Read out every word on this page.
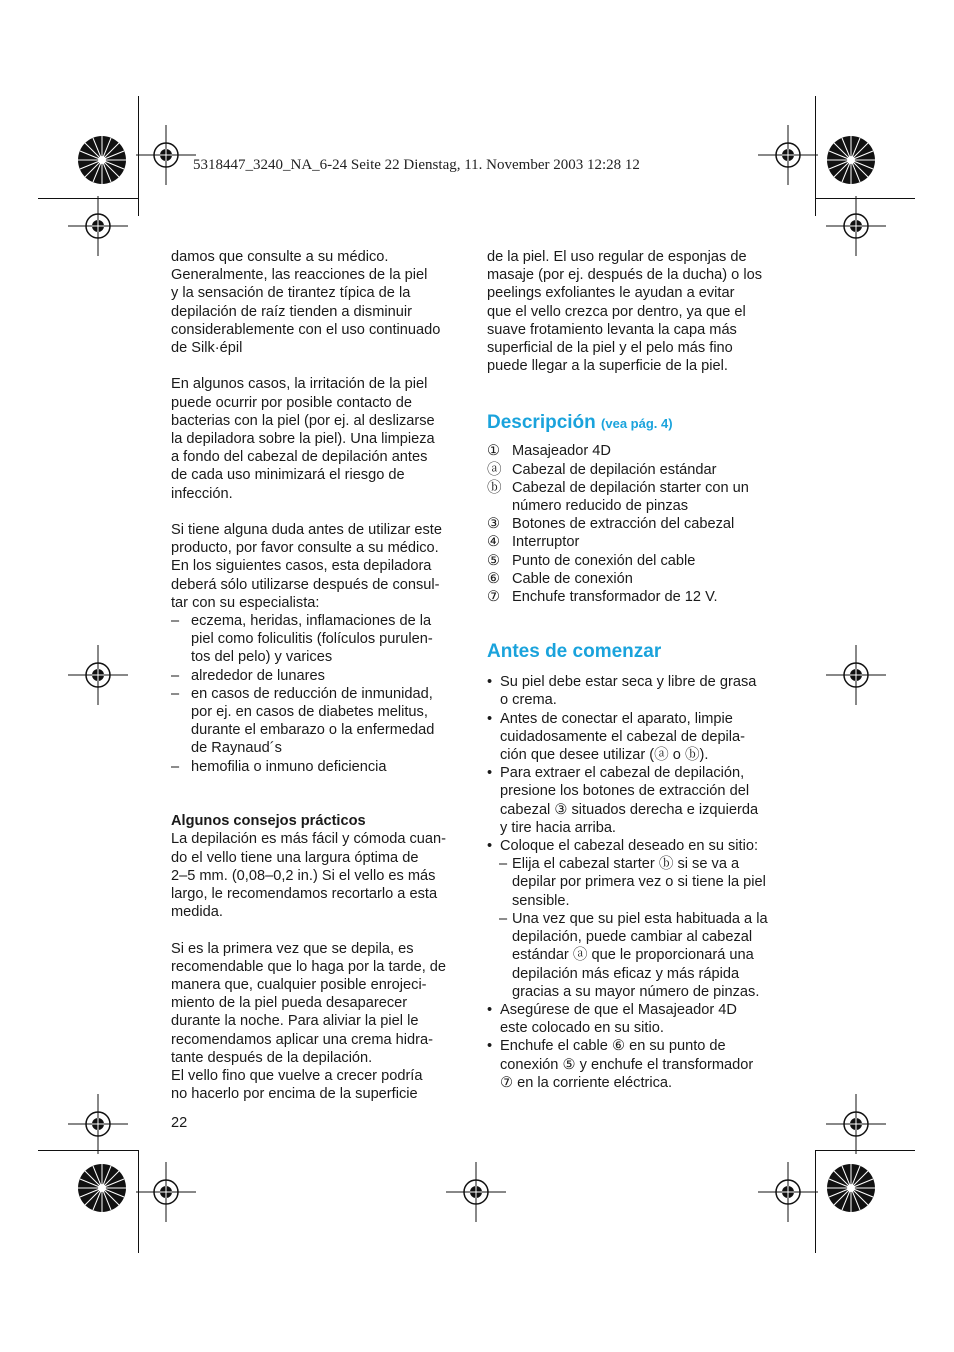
5318447_3240_NA_6-24 Seite 22 Dienstag, 11. November 2003 12:28 12

damos que consulte a su médico.

Generalmente, las reacciones de la piel

y la sensación de tirantez típica de la

depilación de raíz tienden a disminuir

considerablemente con el uso continuado

de Silk·épil

En algunos casos, la irritación de la piel

puede ocurrir por posible contacto de

bacterias con la piel (por ej. al deslizarse

la depiladora sobre la piel). Una limpieza

a fondo del cabezal de depilación antes

de cada uso minimizará el riesgo de

infección.

Si tiene alguna duda antes de utilizar este

producto, por favor consulte a su médico.

En los siguientes casos, esta depiladora

deberá sólo utilizarse después de consul-

tar con su especialista:

– eczema, heridas, inflamaciones de la

piel como foliculitis (folículos purulen-

tos del pelo) y varices

– alrededor de lunares

– en casos de reducción de inmunidad,

por ej. en casos de diabetes melitus,

durante el embarazo o la enfermedad

de Raynaud´s

– hemofilia o inmuno deficiencia

Algunos consejos prácticos

La depilación es más fácil y cómoda cuan-

do el vello tiene una largura óptima de

2–5 mm. (0,08–0,2 in.) Si el vello es más

largo, le recomendamos recortarlo a esta

medida.

Si es la primera vez que se depila, es

recomendable que lo haga por la tarde, de

manera que, cualquier posible enrojeci-

miento de la piel pueda desaparecer

durante la noche. Para aliviar la piel le

recomendamos aplicar una crema hidra-

tante después de la depilación.

El vello fino que vuelve a crecer podría

no hacerlo por encima de la superficie

de la piel. El uso regular de esponjas de

masaje (por ej. después de la ducha) o los

peelings exfoliantes le ayudan a evitar

que el vello crezca por dentro, ya que el

suave frotamiento levanta la capa más

superficial de la piel y el pelo más fino

puede llegar a la superficie de la piel.

Descripción (vea pág. 4)
① Masajeador 4D

ⓐ Cabezal de depilación estándar

ⓑ Cabezal de depilación starter con un

número reducido de pinzas

③ Botones de extracción del cabezal

④ Interruptor

⑤ Punto de conexión del cable

⑥ Cable de conexión

⑦ Enchufe transformador de 12 V.

Antes de comenzar
• Su piel debe estar seca y libre de grasa

o crema.

• Antes de conectar el aparato, limpie

cuidadosamente el cabezal de depila-

ción que desee utilizar (ⓐ o ⓑ).

• Para extraer el cabezal de depilación,

presione los botones de extracción del

cabezal ③ situados derecha e izquierda

y tire hacia arriba.

• Coloque el cabezal deseado en su sitio:

– Elija el cabezal starter ⓑ si se va a

depilar por primera vez o si tiene la piel

sensible.

– Una vez que su piel esta habituada a la

depilación, puede cambiar al cabezal

estándar ⓐ que le proporcionará una

depilación más eficaz y más rápida

gracias a su mayor número de pinzas.

• Asegúrese de que el Masajeador 4D

este colocado en su sitio.

• Enchufe el cable ⑥ en su punto de

conexión ⑤ y enchufe el transformador

⑦ en la corriente eléctrica.

22
